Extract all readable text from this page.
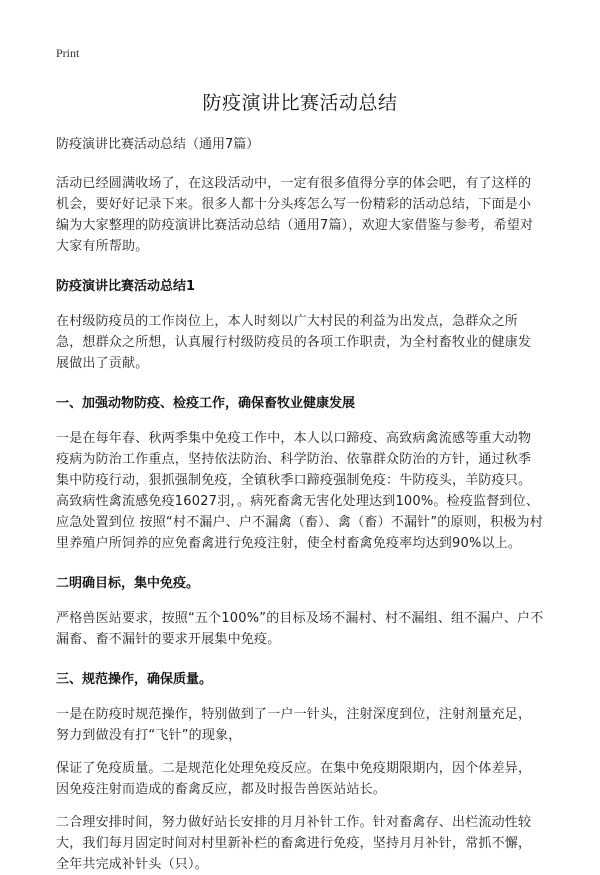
Print
防疫演讲比赛活动总结
防疫演讲比赛活动总结（通用7篇）

活动已经圆满收场了，在这段活动中，一定有很多值得分享的体会吧，有了这样的机会，要好好记录下来。很多人都十分头疼怎么写一份精彩的活动总结，下面是小编为大家整理的防疫演讲比赛活动总结（通用7篇），欢迎大家借鉴与参考，希望对大家有所帮助。

防疫演讲比赛活动总结1

在村级防疫员的工作岗位上，本人时刻以广大村民的利益为出发点，急群众之所急，想群众之所想，认真履行村级防疫员的各项工作职责，为全村畜牧业的健康发展做出了贡献。

一、加强动物防疫、检疫工作，确保畜牧业健康发展

一是在每年春、秋两季集中免疫工作中，本人以口蹄疫、高致病禽流感等重大动物疫病为防治工作重点，坚持依法防治、科学防治、依靠群众防治的方针，通过秋季集中防疫行动，狠抓强制免疫，全镇秋季口蹄疫强制免疫：牛防疫头，羊防疫只。高致病性禽流感免疫16027羽，。病死畜禽无害化处理达到100%。检疫监督到位、应急处置到位 按照“村不漏户、户不漏禽（畜）、禽（畜）不漏针”的原则，积极为村里养殖户所饲养的应免畜禽进行免疫注射，使全村畜禽免疫率均达到90%以上。

二明确目标，集中免疫。

严格兽医站要求，按照“五个100%”的目标及场不漏村、村不漏组、组不漏户、户不漏畜、畜不漏针的要求开展集中免疫。

三、规范操作，确保质量。

一是在防疫时规范操作，特别做到了一户一针头，注射深度到位，注射剂量充足，努力到做没有打“飞针”的现象，

保证了免疫质量。二是规范化处理免疫反应。在集中免疫期限期内，因个体差异，因免疫注射而造成的畜禽反应，都及时报告兽医站站长。

二合理安排时间，努力做好站长安排的月月补针工作。针对畜禽存、出栏流动性较大，我们每月固定时间对村里新补栏的畜禽进行免疫，坚持月月补针，常抓不懈，全年共完成补针头（只）。
